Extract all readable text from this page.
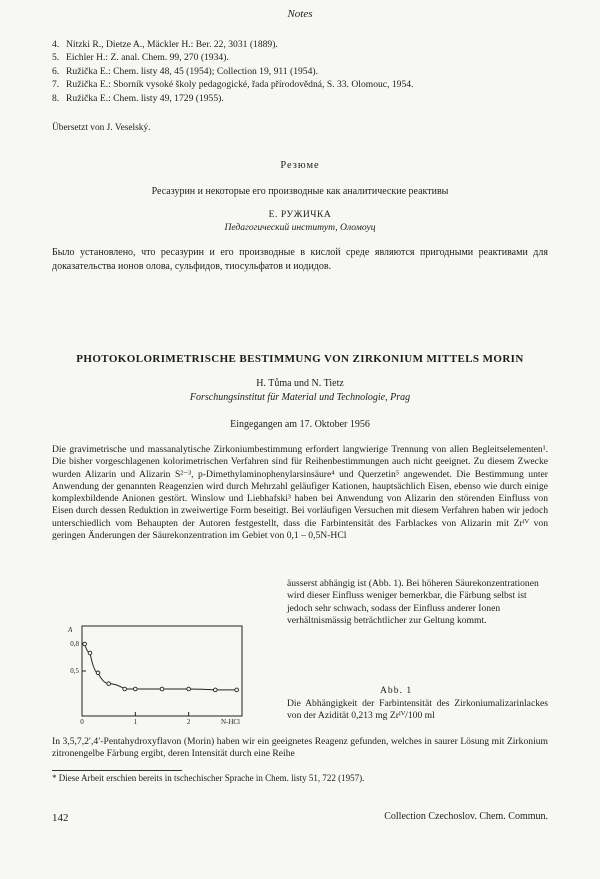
Notes
4. Nitzki R., Dietze A., Mäckler H.: Ber. 22, 3031 (1889).
5. Eichler H.: Z. anal. Chem. 99, 270 (1934).
6. Ružička E.: Chem. listy 48, 45 (1954); Collection 19, 911 (1954).
7. Ružička E.: Sborník vysoké školy pedagogické, řada přírodovědná, S. 33. Olomouc, 1954.
8. Ružička E.: Chem. listy 49, 1729 (1955).
Übersetzt von J. Veselský.
Резюме
Ресазурин и некоторые его производные как аналитические реактивы
Е. РУЖИЧКА
Педагогический институт, Оломоуц
Было установлено, что ресазурин и его производные в кислой среде являются пригодными реактивами для доказательства ионов олова, сульфидов, тиосульфатов и иодидов.
PHOTOKOLORIMETRISCHE BESTIMMUNG VON ZIRKONIUM MITTELS MORIN
H. Tůma und N. Tietz
Forschungsinstitut für Material und Technologie, Prag
Eingegangen am 17. Oktober 1956
Die gravimetrische und massanalytische Zirkoniumbestimmung erfordert langwierige Trennung von allen Begleitselementen¹. Die bisher vorgeschlagenen kolorimetrischen Verfahren sind für Reihenbestimmungen auch nicht geeignet. Zu diesem Zwecke wurden Alizarin und Alizarin S²⁻³, p-Dimethylaminophenylarsinsäure⁴ und Querzetin⁵ angewendet. Die Bestimmung unter Anwendung der genannten Reagenzien wird durch Mehrzahl geläufiger Kationen, hauptsächlich Eisen, ebenso wie durch einige komplexbildende Anionen gestört. Winslow und Liebhafski³ haben bei Anwendung von Alizarin den störenden Einfluss von Eisen durch dessen Reduktion in zweiwertige Form beseitigt. Bei vorläufigen Versuchen mit diesem Verfahren haben wir jedoch unterschiedlich vom Behaupten der Autoren festgestellt, dass die Farbintensität des Farblackes von Alizarin mit Zrᴵⱽ von geringen Änderungen der Säurekonzentration im Gebiet von 0,1 – 0,5N-HCl
äusserst abhängig ist (Abb. 1). Bei höheren Säurekonzentrationen wird dieser Einfluss weniger bemerkbar, die Färbung selbst ist jedoch sehr schwach, sodass der Einfluss anderer Ionen verhältnismässig beträchtlicher zur Geltung kommt.
0,5
0,8
A
0	1	2	N-HCl
Abb. 1
Die Abhängigkeit der Farbintensität des Zirkoniumalizarinlackes von der Azidität 0,213 mg Zrᴵⱽ/100 ml
In 3,5,7,2′,4′-Pentahydroxyflavon (Morin) haben wir ein geeignetes Reagenz gefunden, welches in saurer Lösung mit Zirkonium zitronengelbe Färbung ergibt, deren Intensität durch eine Reihe
* Diese Arbeit erschien bereits in tschechischer Sprache in Chem. listy 51, 722 (1957).
142	Collection Czechoslov. Chem. Commun.
